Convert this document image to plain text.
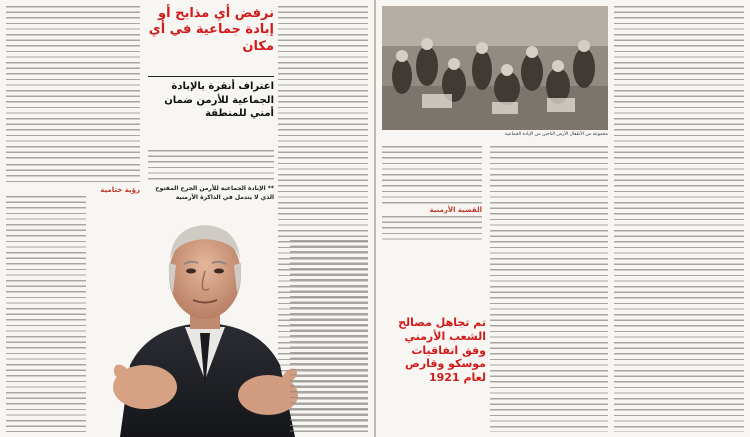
نرفض أي مذابح أو إبادة جماعية في أي مكان
اعتراف أنقرة بالإبادة الجماعية للأرمن ضمان أمني للمنطقة
** الإبادة الجماعية للأرمن الجرح المفتوح الذي لا يندمل في الذاكرة الأرمنية
رؤية ختامية
مجموعة من الأطفال الأرمن الناجين من الإبادة الجماعية
القضية الأرمنية
تم تجاهل مصالح الشعب الأرمني وفق اتفاقيات موسكو وقارص لعام 1921
